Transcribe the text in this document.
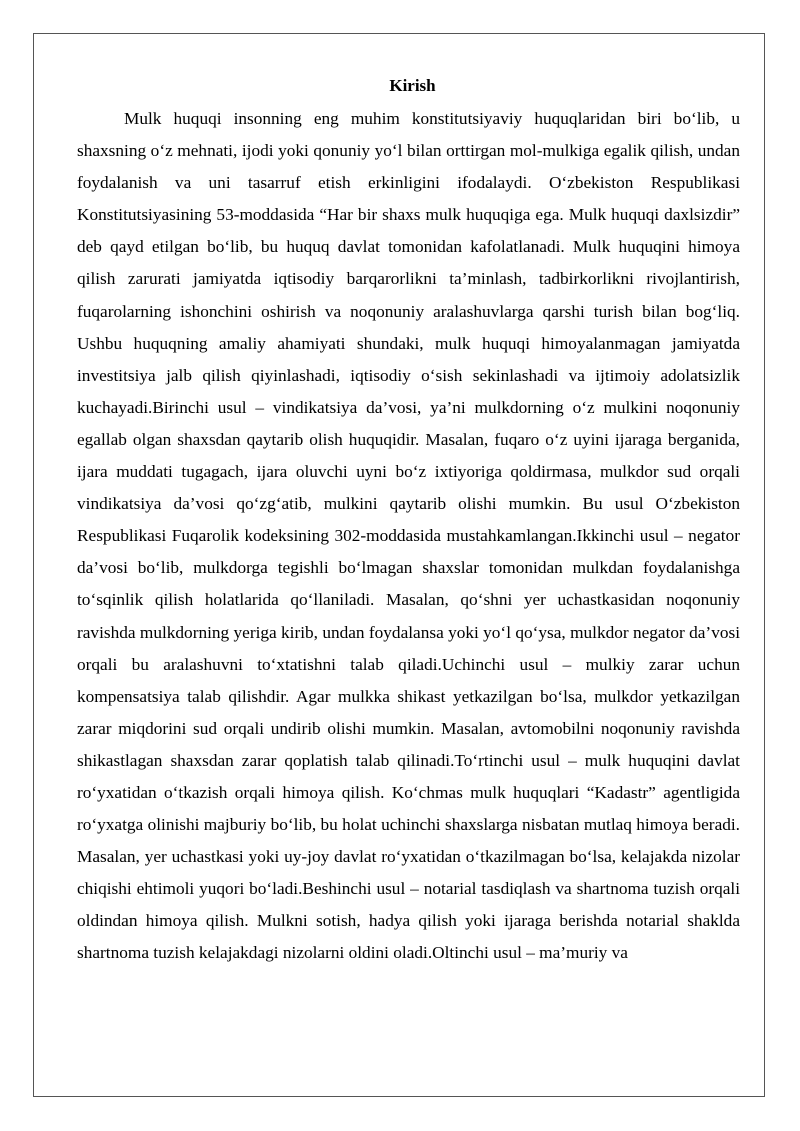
Kirish

Mulk huquqi insonning eng muhim konstitutsiyaviy huquqlaridan biri bo‘lib, u shaxsning o‘z mehnati, ijodi yoki qonuniy yo‘l bilan orttirgan mol-mulkiga egalik qilish, undan foydalanish va uni tasarruf etish erkinligini ifodalaydi. O‘zbekiston Respublikasi Konstitutsiyasining 53-moddasida “Har bir shaxs mulk huquqiga ega. Mulk huquqi daxlsizdir” deb qayd etilgan bo‘lib, bu huquq davlat tomonidan kafolatlanadi. Mulk huquqini himoya qilish zarurati jamiyatda iqtisodiy barqarorlikni ta’minlash, tadbirkorlikni rivojlantirish, fuqarolarning ishonchini oshirish va noqonuniy aralashuvlarga qarshi turish bilan bog‘liq. Ushbu huquqning amaliy ahamiyati shundaki, mulk huquqi himoyalanmagan jamiyatda investitsiya jalb qilish qiyinlashadi, iqtisodiy o‘sish sekinlashadi va ijtimoiy adolatsizlik kuchayadi.Birinchi usul – vindikatsiya da’vosi, ya’ni mulkdorning o‘z mulkini noqonuniy egallab olgan shaxsdan qaytarib olish huquqidir. Masalan, fuqaro o‘z uyini ijaraga berganida, ijara muddati tugagach, ijara oluvchi uyni bo‘z ixtiyoriga qoldirmasa, mulkdor sud orqali vindikatsiya da’vosi qo‘zg‘atib, mulkini qaytarib olishi mumkin. Bu usul O‘zbekiston Respublikasi Fuqarolik kodeksining 302-moddasida mustahkamlangan.Ikkinchi usul – negator da’vosi bo‘lib, mulkdorga tegishli bo‘lmagan shaxslar tomonidan mulkdan foydalanishga to‘sqinlik qilish holatlarida qo‘llaniladi. Masalan, qo‘shni yer uchastkasidan noqonuniy ravishda mulkdorning yeriga kirib, undan foydalansa yoki yo‘l qo‘ysa, mulkdor negator da’vosi orqali bu aralashuvni to‘xtatishni talab qiladi.Uchinchi usul – mulkiy zarar uchun kompensatsiya talab qilishdir. Agar mulkka shikast yetkazilgan bo‘lsa, mulkdor yetkazilgan zarar miqdorini sud orqali undirib olishi mumkin. Masalan, avtomobilni noqonuniy ravishda shikastlagan shaxsdan zarar qoplatish talab qilinadi.To‘rtinchi usul – mulk huquqini davlat ro‘yxatidan o‘tkazish orqali himoya qilish. Ko‘chmas mulk huquqlari “Kadastr” agentligida ro‘yxatga olinishi majburiy bo‘lib, bu holat uchinchi shaxslarga nisbatan mutlaq himoya beradi. Masalan, yer uchastkasi yoki uy-joy davlat ro‘yxatidan o‘tkazilmagan bo‘lsa, kelajakda nizolar chiqishi ehtimoli yuqori bo‘ladi.Beshinchi usul – notarial tasdiqlash va shartnoma tuzish orqali oldindan himoya qilish. Mulkni sotish, hadya qilish yoki ijaraga berishda notarial shaklda shartnoma tuzish kelajakdagi nizolarni oldini oladi.Oltinchi usul – ma’muriy va
